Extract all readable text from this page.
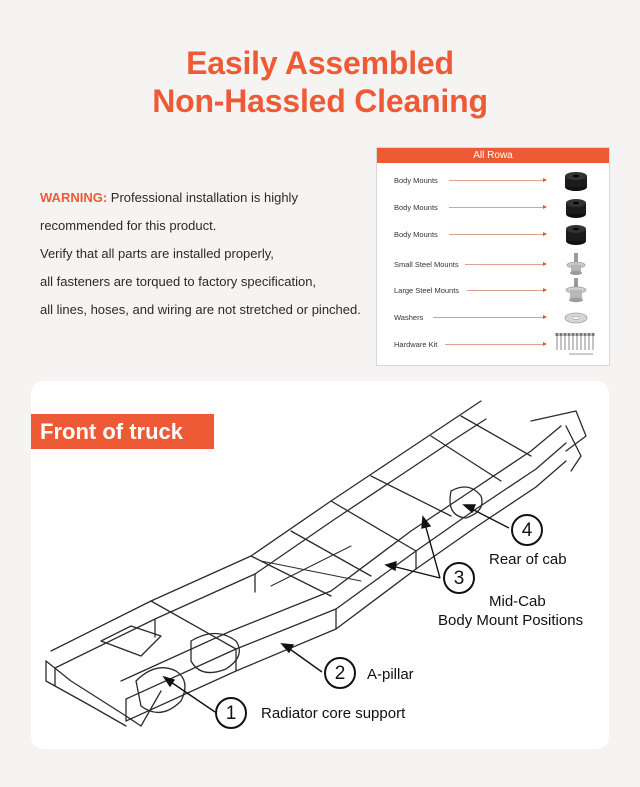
Easily Assembled
Non-Hassled Cleaning

WARNING: Professional installation is highly

recommended for this product.

Verify that all parts are installed properly,

all fasteners are torqued to factory specification,

all lines, hoses, and wiring are not stretched or pinched.

All Rowa
Body Mounts
Body Mounts
Body Mounts
Small Steel Mounts
Large Steel Mounts
Washers
Hardware Kit
Front of truck
1	Radiator core support
2	A-pillar
3
Mid-Cab
Body Mount Positions
4
Rear of cab
